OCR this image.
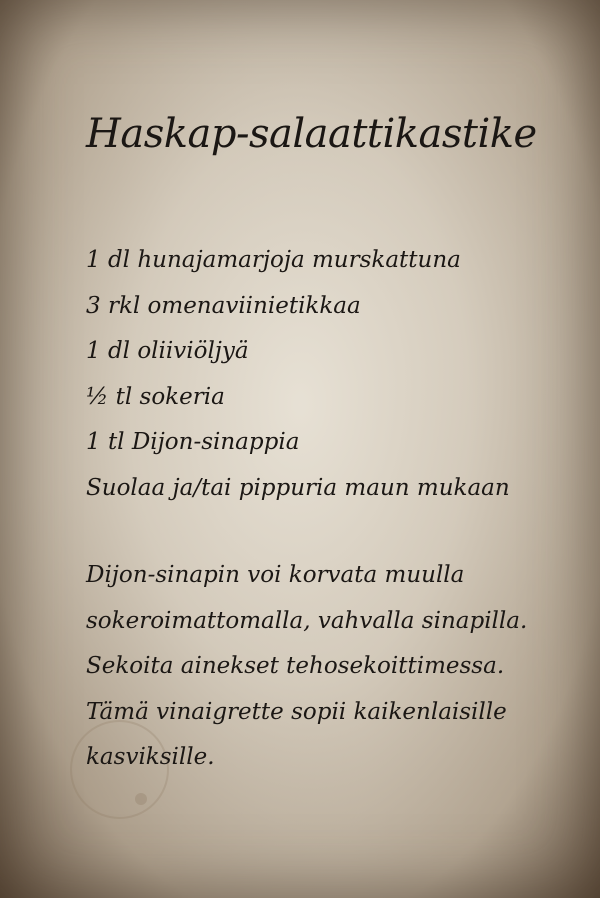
Haskap-salaattikastike
1 dl hunajamarjoja murskattuna
3 rkl omenaviinietikkaa
1 dl oliiviöljyä
½ tl sokeria
1 tl Dijon-sinappia
Suolaa ja/tai pippuria maun mukaan
Dijon-sinapin voi korvata muulla
sokeroimattomalla, vahvalla sinapilla.
Sekoita ainekset tehosekoittimessa.
Tämä vinaigrette sopii kaikenlaisille
kasviksille.
